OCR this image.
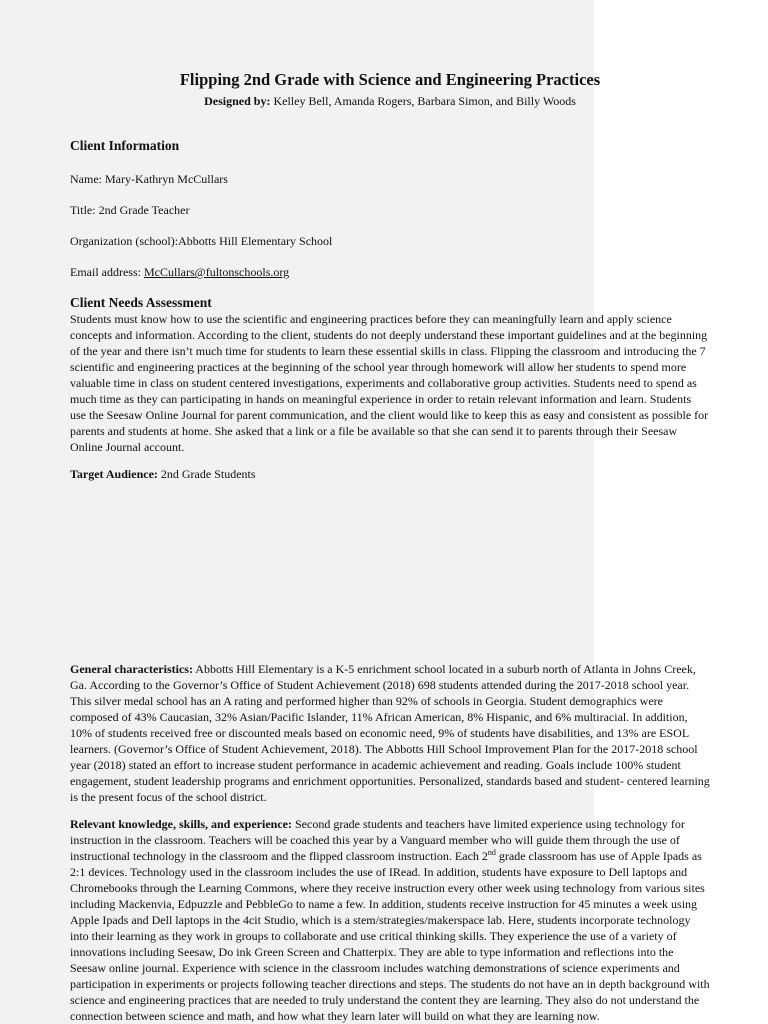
Flipping 2nd Grade with Science and Engineering Practices
Designed by: Kelley Bell, Amanda Rogers, Barbara Simon, and Billy Woods
Client Information
Name: Mary-Kathryn McCullars
Title: 2nd Grade Teacher
Organization (school):Abbotts Hill Elementary School
Email address: McCullars@fultonschools.org
Client Needs Assessment

Students must know how to use the scientific and engineering practices before they can meaningfully learn and apply science concepts and information. According to the client, students do not deeply understand these important guidelines and at the beginning of the year and there isn’t much time for students to learn these essential skills in class. Flipping the classroom and introducing the 7 scientific and engineering practices at the beginning of the school year through homework will allow her students to spend more valuable time in class on student centered investigations, experiments and collaborative group activities. Students need to spend as much time as they can participating in hands on meaningful experience in order to retain relevant information and learn. Students use the Seesaw Online Journal for parent communication, and the client would like to keep this as easy and consistent as possible for parents and students at home. She asked that a link or a file be available so that she can send it to parents through their Seesaw Online Journal account.

Target Audience: 2nd Grade Students

General characteristics: Abbotts Hill Elementary is a K-5 enrichment school located in a suburb north of Atlanta in Johns Creek, Ga. According to the Governor’s Office of Student Achievement (2018) 698 students attended during the 2017-2018 school year. This silver medal school has an A rating and performed higher than 92% of schools in Georgia. Student demographics were composed of 43% Caucasian, 32% Asian/Pacific Islander, 11% African American, 8% Hispanic, and 6% multiracial. In addition, 10% of students received free or discounted meals based on economic need, 9% of students have disabilities, and 13% are ESOL learners. (Governor’s Office of Student Achievement, 2018). The Abbotts Hill School Improvement Plan for the 2017-2018 school year (2018) stated an effort to increase student performance in academic achievement and reading. Goals include 100% student engagement, student leadership programs and enrichment opportunities. Personalized, standards based and student- centered learning is the present focus of the school district.

Relevant knowledge, skills, and experience: Second grade students and teachers have limited experience using technology for instruction in the classroom. Teachers will be coached this year by a Vanguard member who will guide them through the use of instructional technology in the classroom and the flipped classroom instruction. Each 2nd grade classroom has use of Apple Ipads as 2:1 devices. Technology used in the classroom includes the use of IRead. In addition, students have exposure to Dell laptops and Chromebooks through the Learning Commons, where they receive instruction every other week using technology from various sites including Mackenvia, Edpuzzle and PebbleGo to name a few. In addition, students receive instruction for 45 minutes a week using Apple Ipads and Dell laptops in the 4cit Studio, which is a stem/strategies/makerspace lab. Here, students incorporate technology into their learning as they work in groups to collaborate and use critical thinking skills. They experience the use of a variety of innovations including Seesaw, Do ink Green Screen and Chatterpix. They are able to type information and reflections into the Seesaw online journal. Experience with science in the classroom includes watching demonstrations of science experiments and participation in experiments or projects following teacher directions and steps. The students do not have an in depth background with science and engineering practices that are needed to truly understand the content they are learning. They also do not understand the connection between science and math, and how what they learn later will build on what they are learning now.
